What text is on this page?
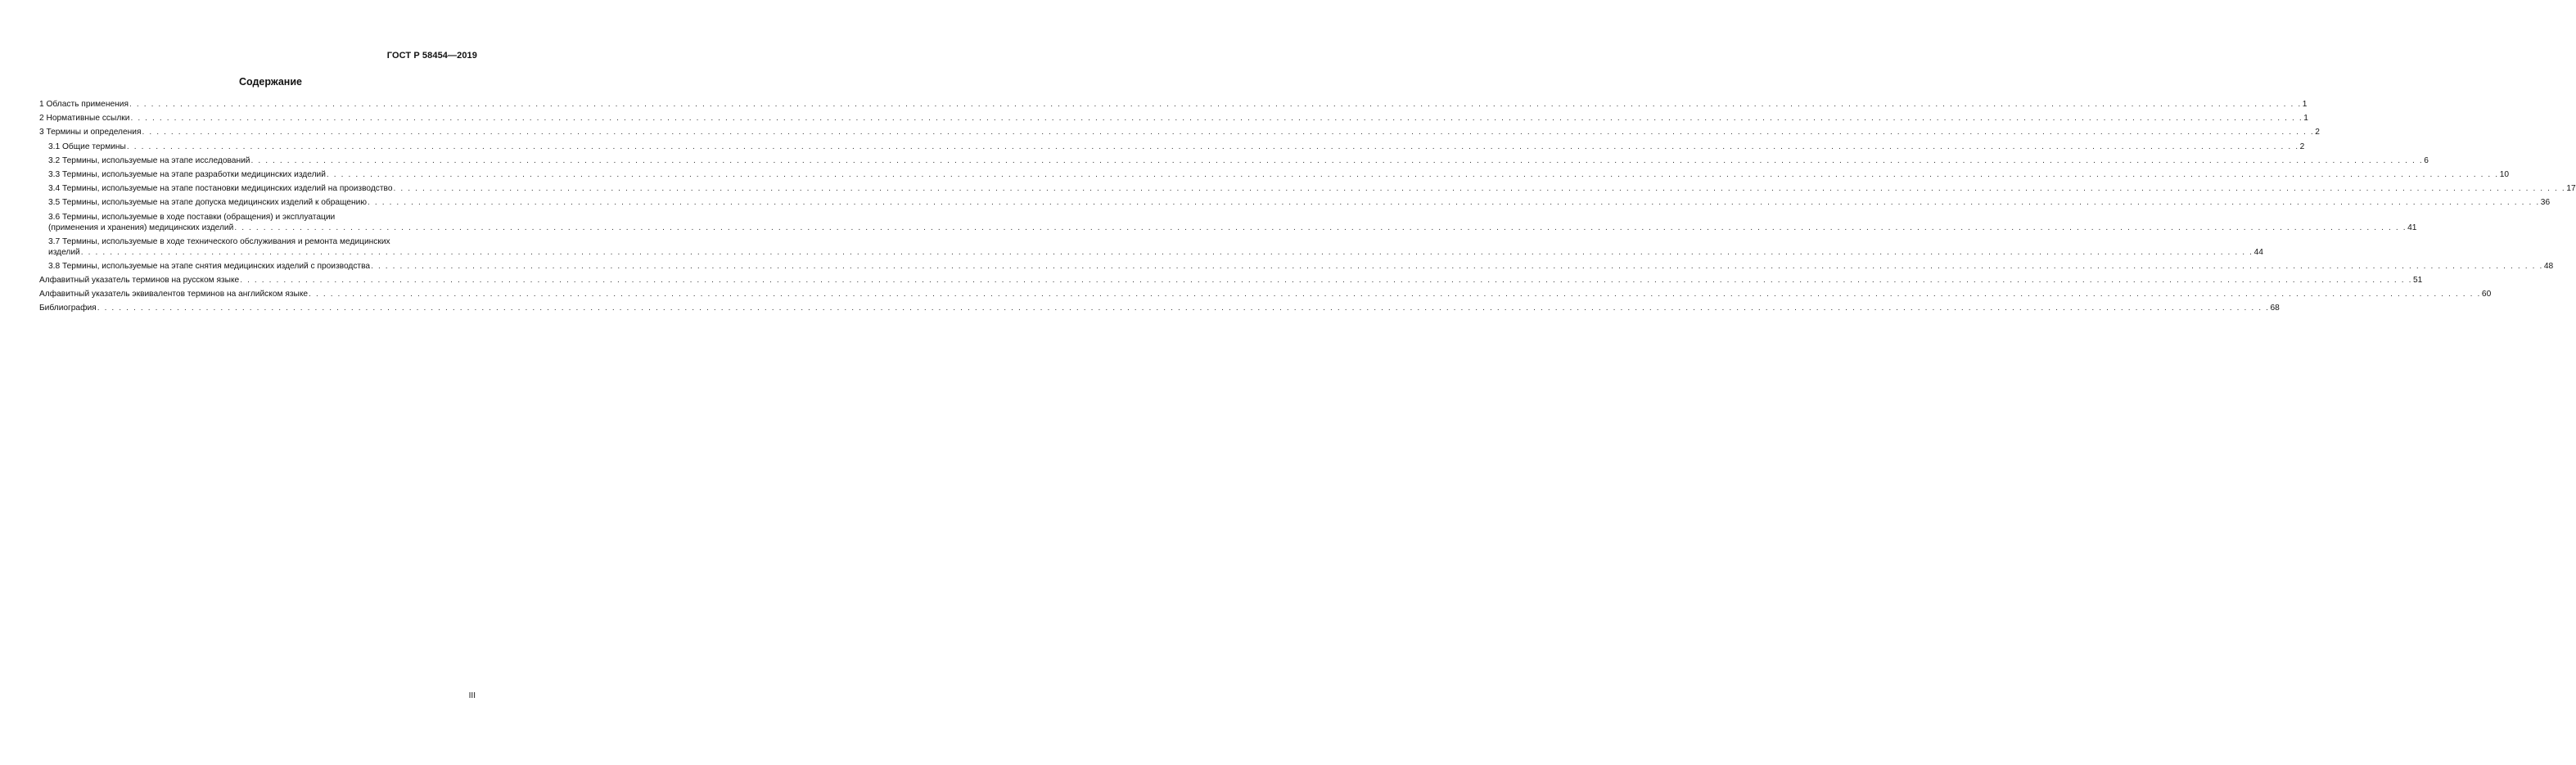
ГОСТ Р 58454—2019
Содержание
1 Область применения . . . . . . . . . . . . . . . . . . . . . . . . . . . . . . . . . . . . . . . . . . . . . . . . . . . . . . . . . . . . . . . . . . . . . . . . . . . . . . . . . . . . . . . . . . . . . . . . . . . . . . . . . . . . . . . . . . . . . . . . . . . . . . . . . . . . . . . . . . . . . . . . . . . . . . . . . . . . . . . . . . . . . . . . . . . . . . . . . . . . . . . . . . . . . . . . . . . . . . . . . . . . . . . . . . . . . . . . . . . . . . . . . . . . . . . . . . . . . . . . . . . . . . . . . . . . . . . . . . . . . . . . . . . . . . . . . . . . . . . . . . . . . . . . . . . . . . . . . . . . 1
2 Нормативные ссылки . . . . . . . . . . . . . . . . . . . . . . . . . . . . . . . . . . . . . . . . . . . . . . . . . . . . . . . . . . . . . . . . . . . . . . . . . . . . . . . . . . . . . . . . . . . . . . . . . . . . . . . . . . . . . . . . . . . . . . . . . . . . . . . . . . . . . . . . . . . . . . . . . . . . . . . . . . . . . . . . . . . . . . . . . . . . . . . . . . . . . . . . . . . . . . . . . . . . . . . . . . . . . . . . . . . . . . . . . . . . . . . . . . . . . . . . . . . . . . . . . . . . . . . . . . . . . . . . . . . . . . . . . . . . . . . . . . . . . . . . . . . . . . . . . . . . . . . . . . . . 1
3 Термины и определения . . . . . . . . . . . . . . . . . . . . . . . . . . . . . . . . . . . . . . . . . . . . . . . . . . . . . . . . . . . . . . . . . . . . . . . . . . . . . . . . . . . . . . . . . . . . . . . . . . . . . . . . . . . . . . . . . . . . . . . . . . . . . . . . . . . . . . . . . . . . . . . . . . . . . . . . . . . . . . . . . . . . . . . . . . . . . . . . . . . . . . . . . . . . . . . . . . . . . . . . . . . . . . . . . . . . . . . . . . . . . . . . . . . . . . . . . . . . . . . . . . . . . . . . . . . . . . . . . . . . . . . . . . . . . . . . . . . . . . . . . . . . . . . . . . . . . . . . . . . . 2
3.1 Общие термины . . . . . . . . . . . . . . . . . . . . . . . . . . . . . . . . . . . . . . . . . . . . . . . . . . . . . . . . . . . . . . . . . . . . . . . . . . . . . . . . . . . . . . . . . . . . . . . . . . . . . . . . . . . . . . . . . . . . . . . . . . . . . . . . . . . . . . . . . . . . . . . . . . . . . . . . . . . . . . . . . . . . . . . . . . . . . . . . . . . . . . . . . . . . . . . . . . . . . . . . . . . . . . . . . . . . . . . . . . . . . . . . . . . . . . . . . . . . . . . . . . . . . . . . . . . . . . . . . . . . . . . . . . . . . . . . . . . . . . . . . . . . . . . . . . . . . . . . . . . . 2
3.2 Термины, используемые на этапе исследований . . . . . . . . . . . . . . . . . . . . . . . . . . . . . . . . . . . . . . . . . . . . . . . . . . . . . . . . . . . . . . . . . . . . . . . . . . . . . . . . . . . . . . . . . . . . . . . . . . . . . . . . . . . . . . . . . . . . . . . . . . . . . . . . . . . . . . . . . . . . . . . . . . . . . . . . . . . . . . . . . . . . . . . . . . . . . . . . . . . . . . . . . . . . . . . . . . . . . . . . . . . . . . . . . . . . . . . . . . . . . . . . . . . . . . . . . . . . . . . . . . . . . . . . . . . . . . . . . . . . . . . . . . . . . . . . . . . . . . . . . . . . . . . . . . . . . . . . . . . . 6
3.3 Термины, используемые на этапе разработки медицинских изделий . . . . . . . . . . . . . . . . . . . . . . . . . . . . . . . . . . . . . . . . . . . . . . . . . . . . . . . . . . . . . . . . . . . . . . . . . . . . . . . . . . . . . . . . . . . . . . . . . . . . . . . . . . . . . . . . . . . . . . . . . . . . . . . . . . . . . . . . . . . . . . . . . . . . . . . . . . . . . . . . . . . . . . . . . . . . . . . . . . . . . . . . . . . . . . . . . . . . . . . . . . . . . . . . . . . . . . . . . . . . . . . . . . . . . . . . . . . . . . . . . . . . . . . . . . . . . . . . . . . . . . . . . . . . . . . . . . . . . . . . . . . . . . . . . . . . . . . . . . . . 10
3.4 Термины, используемые на этапе постановки медицинских изделий на производство . . . . . . . . . . . . . . . . . . . . . . . . . . . . . . . . . . . . . . . . . . . . . . . . . . . . . . . . . . . . . . . . . . . . . . . . . . . . . . . . . . . . . . . . . . . . . . . . . . . . . . . . . . . . . . . . . . . . . . . . . . . . . . . . . . . . . . . . . . . . . . . . . . . . . . . . . . . . . . . . . . . . . . . . . . . . . . . . . . . . . . . . . . . . . . . . . . . . . . . . . . . . . . . . . . . . . . . . . . . . . . . . . . . . . . . . . . . . . . . . . . . . . . . . . . . . . . . . . . . . . . . . . . . . . . . . . . . . . . . . . . . . . . . . . . . . . . . . . . . . 17
3.5 Термины, используемые на этапе допуска медицинских изделий к обращению . . . . . . . . . . . . . . . . . . . . . . . . . . . . . . . . . . . . . . . . . . . . . . . . . . . . . . . . . . . . . . . . . . . . . . . . . . . . . . . . . . . . . . . . . . . . . . . . . . . . . . . . . . . . . . . . . . . . . . . . . . . . . . . . . . . . . . . . . . . . . . . . . . . . . . . . . . . . . . . . . . . . . . . . . . . . . . . . . . . . . . . . . . . . . . . . . . . . . . . . . . . . . . . . . . . . . . . . . . . . . . . . . . . . . . . . . . . . . . . . . . . . . . . . . . . . . . . . . . . . . . . . . . . . . . . . . . . . . . . . . . . . . . . . . . . . . . . . . . . . 36
3.6 Термины, используемые в ходе поставки (обращения) и эксплуатации
(применения и хранения) медицинских изделий . . . . . . . . . . . . . . . . . . . . . . . . . . . . . . . . . . . . . . . . . . . . . . . . . . . . . . . . . . . . . . . . . . . . . . . . . . . . . . . . . . . . . . . . . . . . . . . . . . . . . . . . . . . . . . . . . . . . . . . . . . . . . . . . . . . . . . . . . . . . . . . . . . . . . . . . . . . . . . . . . . . . . . . . . . . . . . . . . . . . . . . . . . . . . . . . . . . . . . . . . . . . . . . . . . . . . . . . . . . . . . . . . . . . . . . . . . . . . . . . . . . . . . . . . . . . . . . . . . . . . . . . . . . . . . . . . . . . . . . . . . . . . . . . . . . . . . . . . . . . 41
3.7 Термины, используемые в ходе технического обслуживания и ремонта медицинских
изделий . . . . . . . . . . . . . . . . . . . . . . . . . . . . . . . . . . . . . . . . . . . . . . . . . . . . . . . . . . . . . . . . . . . . . . . . . . . . . . . . . . . . . . . . . . . . . . . . . . . . . . . . . . . . . . . . . . . . . . . . . . . . . . . . . . . . . . . . . . . . . . . . . . . . . . . . . . . . . . . . . . . . . . . . . . . . . . . . . . . . . . . . . . . . . . . . . . . . . . . . . . . . . . . . . . . . . . . . . . . . . . . . . . . . . . . . . . . . . . . . . . . . . . . . . . . . . . . . . . . . . . . . . . . . . . . . . . . . . . . . . . . . . . . . . . . . . . . . . . . . 44
3.8 Термины, используемые на этапе снятия медицинских изделий с производства . . . . . . . . . . . . . . . . . . . . . . . . . . . . . . . . . . . . . . . . . . . . . . . . . . . . . . . . . . . . . . . . . . . . . . . . . . . . . . . . . . . . . . . . . . . . . . . . . . . . . . . . . . . . . . . . . . . . . . . . . . . . . . . . . . . . . . . . . . . . . . . . . . . . . . . . . . . . . . . . . . . . . . . . . . . . . . . . . . . . . . . . . . . . . . . . . . . . . . . . . . . . . . . . . . . . . . . . . . . . . . . . . . . . . . . . . . . . . . . . . . . . . . . . . . . . . . . . . . . . . . . . . . . . . . . . . . . . . . . . . . . . . . . . . . . . . . . . . . . . 48
Алфавитный указатель терминов на русском языке . . . . . . . . . . . . . . . . . . . . . . . . . . . . . . . . . . . . . . . . . . . . . . . . . . . . . . . . . . . . . . . . . . . . . . . . . . . . . . . . . . . . . . . . . . . . . . . . . . . . . . . . . . . . . . . . . . . . . . . . . . . . . . . . . . . . . . . . . . . . . . . . . . . . . . . . . . . . . . . . . . . . . . . . . . . . . . . . . . . . . . . . . . . . . . . . . . . . . . . . . . . . . . . . . . . . . . . . . . . . . . . . . . . . . . . . . . . . . . . . . . . . . . . . . . . . . . . . . . . . . . . . . . . . . . . . . . . . . . . . . . . . . . . . . . . . . . . . . . . . 51
Алфавитный указатель эквивалентов терминов на английском языке . . . . . . . . . . . . . . . . . . . . . . . . . . . . . . . . . . . . . . . . . . . . . . . . . . . . . . . . . . . . . . . . . . . . . . . . . . . . . . . . . . . . . . . . . . . . . . . . . . . . . . . . . . . . . . . . . . . . . . . . . . . . . . . . . . . . . . . . . . . . . . . . . . . . . . . . . . . . . . . . . . . . . . . . . . . . . . . . . . . . . . . . . . . . . . . . . . . . . . . . . . . . . . . . . . . . . . . . . . . . . . . . . . . . . . . . . . . . . . . . . . . . . . . . . . . . . . . . . . . . . . . . . . . . . . . . . . . . . . . . . . . . . . . . . . . . . . . . . . . . 60
Библиография . . . . . . . . . . . . . . . . . . . . . . . . . . . . . . . . . . . . . . . . . . . . . . . . . . . . . . . . . . . . . . . . . . . . . . . . . . . . . . . . . . . . . . . . . . . . . . . . . . . . . . . . . . . . . . . . . . . . . . . . . . . . . . . . . . . . . . . . . . . . . . . . . . . . . . . . . . . . . . . . . . . . . . . . . . . . . . . . . . . . . . . . . . . . . . . . . . . . . . . . . . . . . . . . . . . . . . . . . . . . . . . . . . . . . . . . . . . . . . . . . . . . . . . . . . . . . . . . . . . . . . . . . . . . . . . . . . . . . . . . . . . . . . . . . . . . . . . . . . . . 68
III
